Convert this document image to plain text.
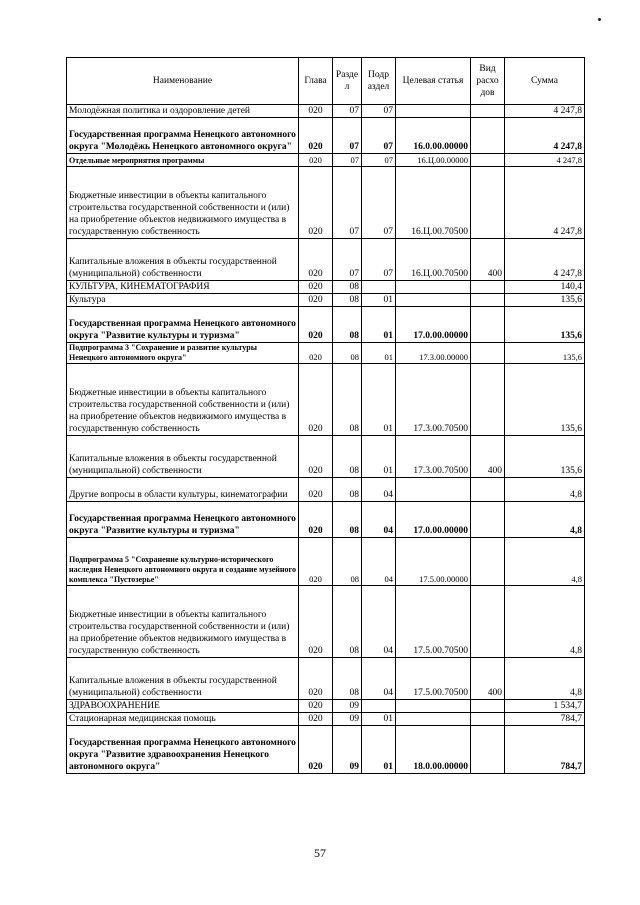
Наименование	Глава	Разде л	Подр аздел	Целевая статья	Вид расхо дов	Сумма
Молодёжная политика и оздоровление детей	020	07	07			4 247,8
Государственная программа Ненецкого автономного округа "Молодёжь Ненецкого автономного округа"	020	07	07	16.0.00.00000		4 247,8
Отдельные мероприятия программы	020	07	07	16.Ц.00.00000		4 247,8
Бюджетные инвестиции в объекты капитального строительства государственной собственности и (или) на приобретение объектов недвижимого имущества в государственную собственность	020	07	07	16.Ц.00.70500		4 247,8
Капитальные вложения в объекты государственной (муниципальной) собственности	020	07	07	16.Ц.00.70500	400	4 247,8
КУЛЬТУРА, КИНЕМАТОГРАФИЯ	020	08				140,4
Культура	020	08	01			135,6
Государственная программа Ненецкого автономного округа "Развитие культуры и туризма"	020	08	01	17.0.00.00000		135,6
Подпрограмма 3 "Сохранение и развитие культуры Ненецкого автономного округа"	020	08	01	17.3.00.00000		135,6
Бюджетные инвестиции в объекты капитального строительства государственной собственности и (или) на приобретение объектов недвижимого имущества в государственную собственность	020	08	01	17.3.00.70500		135,6
Капитальные вложения в объекты государственной (муниципальной) собственности	020	08	01	17.3.00.70500	400	135,6
Другие вопросы в области культуры, кинематографии	020	08	04			4,8
Государственная программа Ненецкого автономного округа "Развитие культуры и туризма"	020	08	04	17.0.00.00000		4,8
Подпрограмма 5 "Сохранение культурно-исторического наследия Ненецкого автономного округа и создание музейного комплекса "Пустозерье"	020	08	04	17.5.00.00000		4,8
Бюджетные инвестиции в объекты капитального строительства государственной собственности и (или) на приобретение объектов недвижимого имущества в государственную собственность	020	08	04	17.5.00.70500		4,8
Капитальные вложения в объекты государственной (муниципальной) собственности	020	08	04	17.5.00.70500	400	4,8
ЗДРАВООХРАНЕНИЕ	020	09				1 534,7
Стационарная медицинская помощь	020	09	01			784,7
Государственная программа Ненецкого автономного округа "Развитие здравоохранения Ненецкого автономного округа"	020	09	01	18.0.00.00000		784,7
57
